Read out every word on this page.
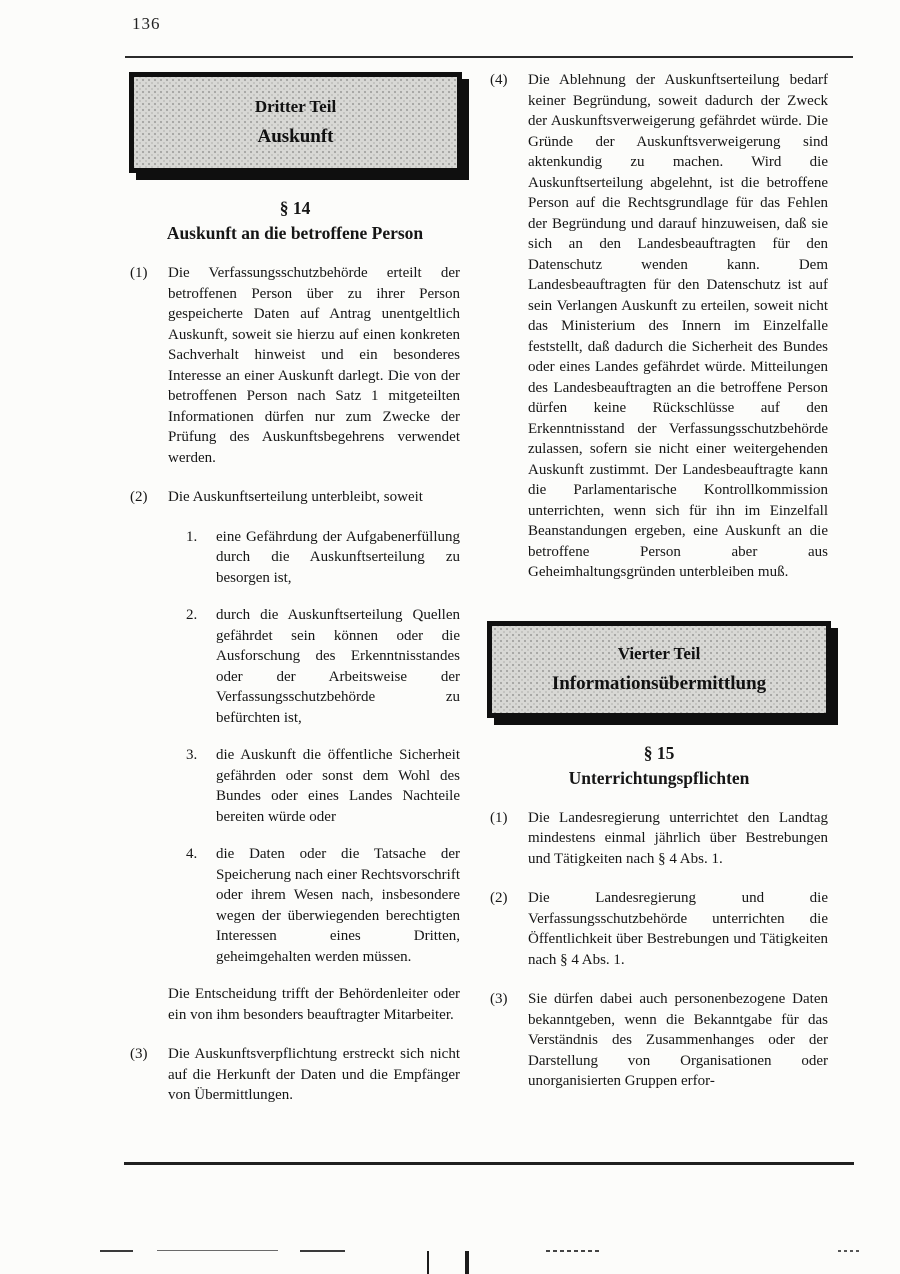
136
Dritter Teil
Auskunft
§ 14
Auskunft an die betroffene Person
(1)	Die Verfassungsschutzbehörde erteilt der betroffenen Person über zu ihrer Person gespeicherte Daten auf Antrag unentgeltlich Auskunft, soweit sie hierzu auf einen konkreten Sachverhalt hinweist und ein besonderes Interesse an einer Auskunft darlegt. Die von der betroffenen Person nach Satz 1 mitgeteilten Informationen dürfen nur zum Zwecke der Prüfung des Auskunftsbegehrens verwendet werden.
(2)	Die Auskunftserteilung unterbleibt, soweit
1.	eine Gefährdung der Aufgabenerfüllung durch die Auskunftserteilung zu besorgen ist,
2.	durch die Auskunftserteilung Quellen gefährdet sein können oder die Ausforschung des Erkenntnisstandes oder der Arbeitsweise der Verfassungsschutzbehörde zu befürchten ist,
3.	die Auskunft die öffentliche Sicherheit gefährden oder sonst dem Wohl des Bundes oder eines Landes Nachteile bereiten würde oder
4.	die Daten oder die Tatsache der Speicherung nach einer Rechtsvorschrift oder ihrem Wesen nach, insbesondere wegen der überwiegenden berechtigten Interessen eines Dritten, geheimgehalten werden müssen.
Die Entscheidung trifft der Behördenleiter oder ein von ihm besonders beauftragter Mitarbeiter.
(3)	Die Auskunftsverpflichtung erstreckt sich nicht auf die Herkunft der Daten und die Empfänger von Übermittlungen.
(4)	Die Ablehnung der Auskunftserteilung bedarf keiner Begründung, soweit dadurch der Zweck der Auskunftsverweigerung gefährdet würde. Die Gründe der Auskunftsverweigerung sind aktenkundig zu machen. Wird die Auskunftserteilung abgelehnt, ist die betroffene Person auf die Rechtsgrundlage für das Fehlen der Begründung und darauf hinzuweisen, daß sie sich an den Landesbeauftragten für den Datenschutz wenden kann. Dem Landesbeauftragten für den Datenschutz ist auf sein Verlangen Auskunft zu erteilen, soweit nicht das Ministerium des Innern im Einzelfalle feststellt, daß dadurch die Sicherheit des Bundes oder eines Landes gefährdet würde. Mitteilungen des Landesbeauftragten an die betroffene Person dürfen keine Rückschlüsse auf den Erkenntnisstand der Verfassungsschutzbehörde zulassen, sofern sie nicht einer weitergehenden Auskunft zustimmt. Der Landesbeauftragte kann die Parlamentarische Kontrollkommission unterrichten, wenn sich für ihn im Einzelfall Beanstandungen ergeben, eine Auskunft an die betroffene Person aber aus Geheimhaltungsgründen unterbleiben muß.
Vierter Teil
Informationsübermittlung
§ 15
Unterrichtungspflichten
(1)	Die Landesregierung unterrichtet den Landtag mindestens einmal jährlich über Bestrebungen und Tätigkeiten nach § 4 Abs. 1.
(2)	Die Landesregierung und die Verfassungsschutzbehörde unterrichten die Öffentlichkeit über Bestrebungen und Tätigkeiten nach § 4 Abs. 1.
(3)	Sie dürfen dabei auch personenbezogene Daten bekanntgeben, wenn die Bekanntgabe für das Verständnis des Zusammenhanges oder der Darstellung von Organisationen oder unorganisierten Gruppen erfor-
